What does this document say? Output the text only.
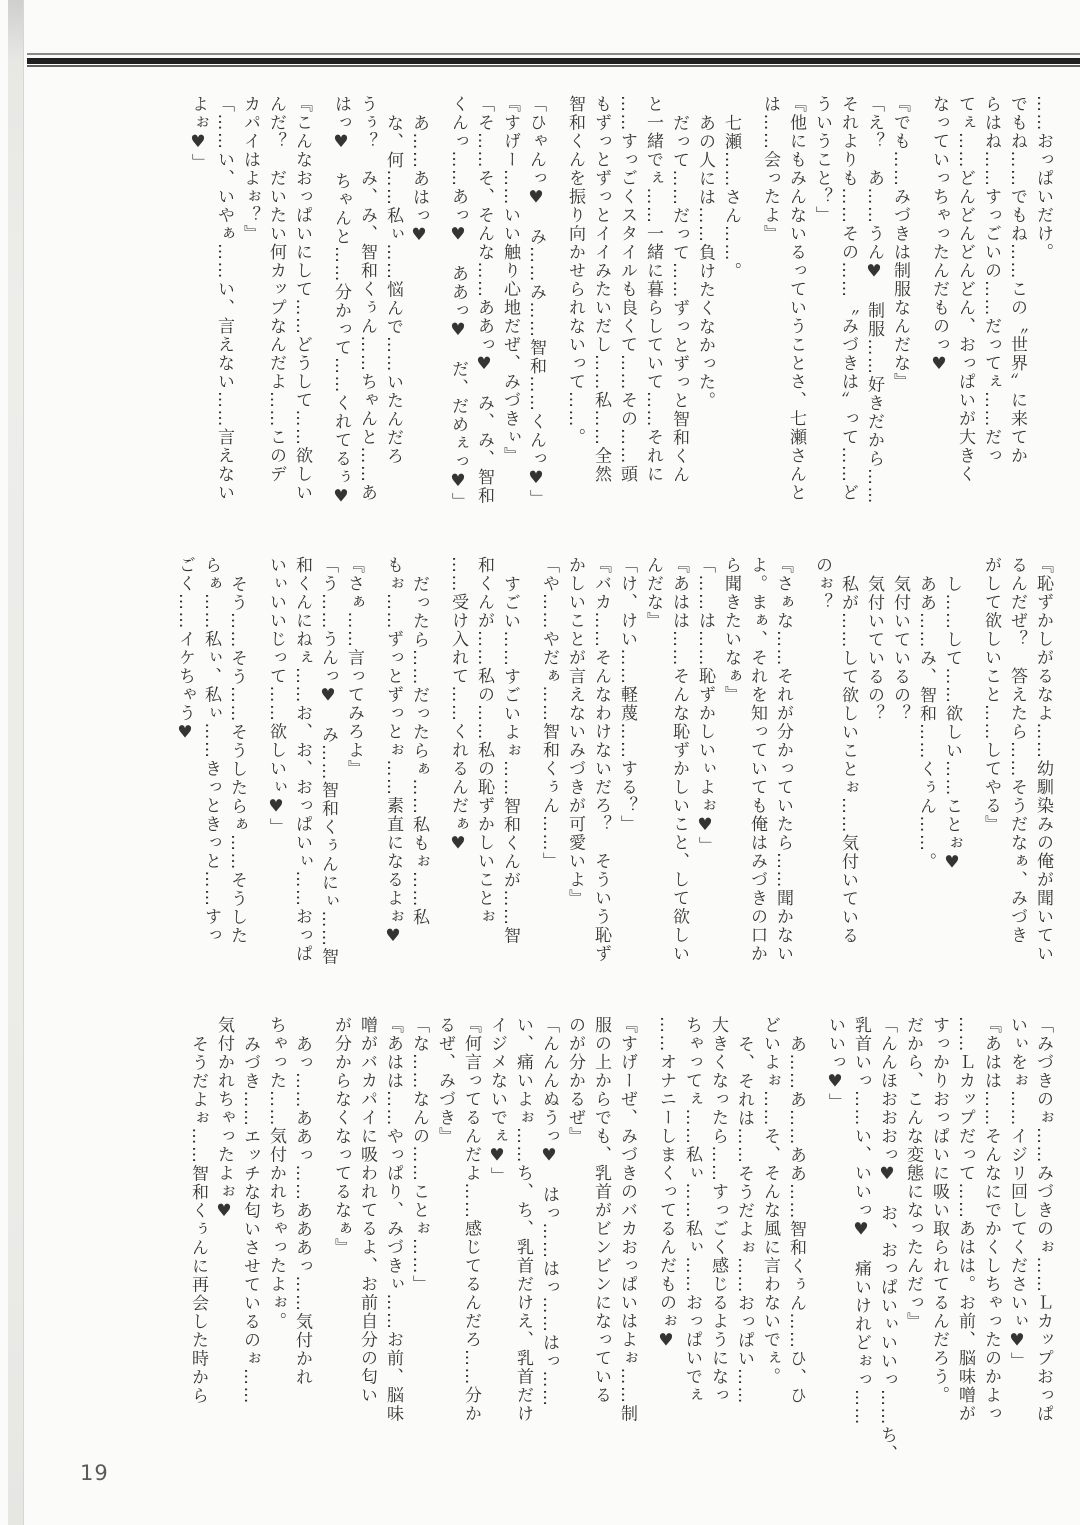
……おっぱいだけ。
でもね……でもね……この〝世界〟に来てか
らはね……すっごいの……だってぇ……だっ
てぇ……どんどんどんどん、おっぱいが大きく
なっていっちゃったんだものっ♥
『でも……みづきは制服なんだな』
「え？　あ……うん♥　制服……好きだから……
それよりも……その……〝みづきは〟って……ど
ういうこと？」
『他にもみんないるっていうことさ、七瀬さんと
は……会ったよ』
七瀬……さん……。
あの人には……負けたくなかった。
だって……だって……ずっとずっと智和くん
と一緒でぇ……一緒に暮らしていて……それに
……すっごくスタイルも良くて……その……頭
もずっとずっとイイみたいだし……私……全然
智和くんを振り向かせられないって……。
「ひゃんっ♥　み……み……智和……くんっ♥」
『すげー……いい触り心地だぜ、みづきぃ』
「そ……そ、そんな……ああっ♥　み、み、智和
くんっ……あっ♥　ああっ♥　だ、だめぇっ♥」
あ……あはっ♥
な、何……私ぃ……悩んで……いたんだろ
うぅ？　み、み、智和くぅん……ちゃんと……あ
はっ♥　ちゃんと……分かって……くれてるぅ♥
『こんなおっぱいにして……どうして……欲しい
んだ？　だいたい何カップなんだよ……このデ
カパイはよぉ？』
「……い、いやぁ……い、言えない……言えない
よぉ♥」
『恥ずかしがるなよ……幼馴染みの俺が聞いてい
るんだぜ？　答えたら……そうだなぁ、みづき
がして欲しいこと……してやる』
し……して……欲しい……ことぉ♥
ああ……み、智和……くぅん……。
気付いているの？
気付いているの？
私が……して欲しいことぉ……気付いている
のぉ？
『さぁな……それが分かっていたら……聞かない
よ。まぁ、それを知っていても俺はみづきの口か
ら聞きたいなぁ』
「……は……恥ずかしいぃよぉ♥」
『あはは……そんな恥ずかしいこと、して欲しい
んだな』
「け、けい……軽蔑……する？」
『バカ……そんなわけないだろ？　そういう恥ず
かしいことが言えないみづきが可愛いよ』
「や……やだぁ……智和くぅん……」
すごい……すごいよぉ……智和くんが……智
和くんが……私の……私の恥ずかしいことぉ
……受け入れて……くれるんだぁ♥
だったら……だったらぁ……私もぉ……私
もぉ……ずっとずっとぉ……素直になるよぉ♥
『さぁ……言ってみろよ』
「う……うんっ♥　み……智和くぅんにぃ……智
和くんにねぇ……お、お、おっぱいぃ……おっぱ
いぃいいじって……欲しいぃ♥」
そう……そう……そうしたらぁ……そうした
らぁ……私ぃ、私ぃ……きっときっと……すっ
ごく……イケちゃう♥
「みづきのぉ……みづきのぉ……Ｌカップおっぱ
いぃをぉ……イジリ回してくださいぃ♥」
『あはは……そんなにでかくしちゃったのかよっ
……Ｌカップだって……あはは。お前、脳味噌が
すっかりおっぱいに吸い取られてるんだろう。
だから、こんな変態になったんだっ』
「んんほおおおっ♥　お、おっぱいぃいいっ……ち、
乳首いっ……い、いいっ♥　痛いけれどぉっ……
いいっ♥」
あ……あ……ああ……智和くぅん……ひ、ひ
どいよぉ……そ、そんな風に言わないでぇ。
そ、それは……そうだよぉ……おっぱい……
大きくなったら……すっごく感じるようになっ
ちゃってぇ……私ぃ……私ぃ……おっぱいでぇ
……オナニーしまくってるんだものぉ♥
『すげーぜ、みづきのバカおっぱいはよぉ……制
服の上からでも、乳首がビンビンになっている
のが分かるぜ』
「んんんぬうっ♥　はっ……はっ……はっ……
い、痛いよぉ……ち、ち、乳首だけえ、乳首だけ
イジメないでぇ♥」
『何言ってるんだよ……感じてるんだろ……分か
るぜ、みづき』
「な……なんの……ことぉ……」
『あはは……やっぱり、みづきぃ……お前、脳味
噌がバカパイに吸われてるよ、お前自分の匂い
が分からなくなってるなぁ』
あっ……ああっ……あああっ……気付かれ
ちゃった……気付かれちゃったよぉ。
みづき……エッチな匂いさせているのぉ……
気付かれちゃったよぉ♥
そうだよぉ……智和くぅんに再会した時から
19
